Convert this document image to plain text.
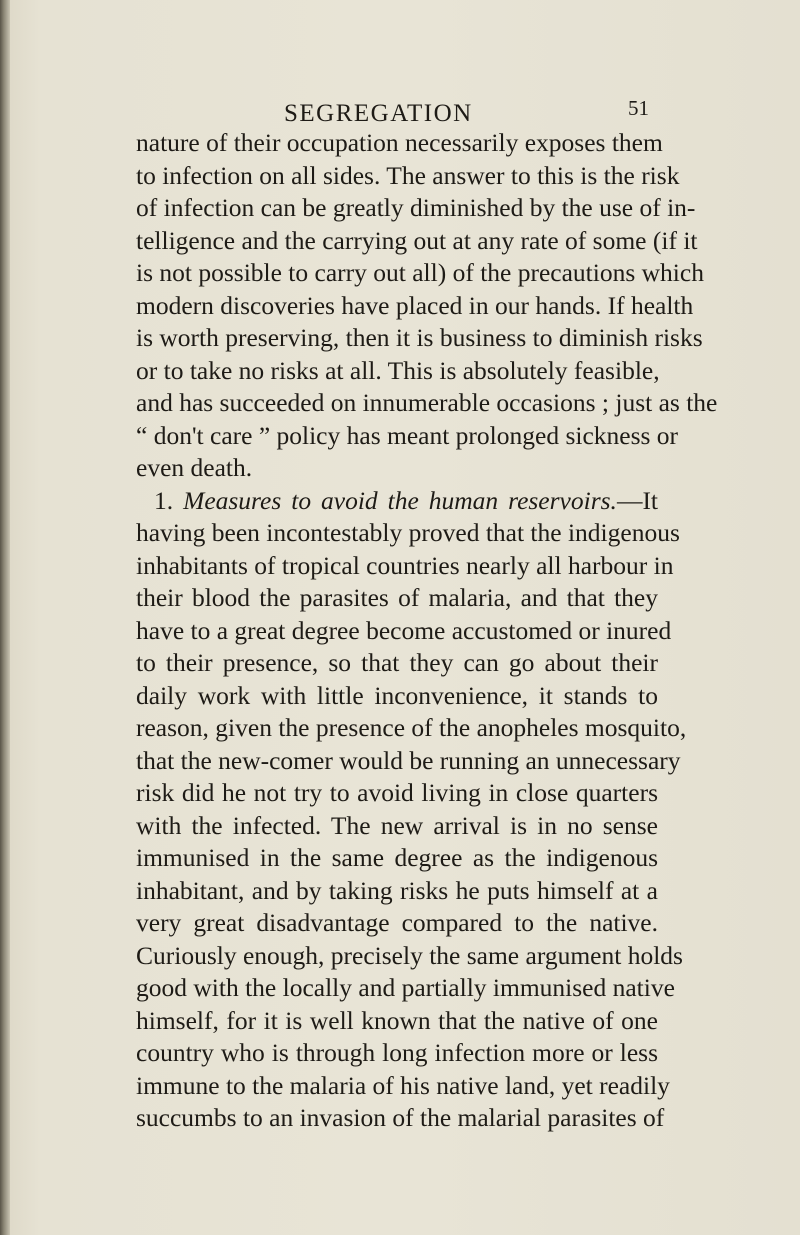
SEGREGATION	51
nature of their occupation necessarily exposes them
to infection on all sides. The answer to this is the risk
of infection can be greatly diminished by the use of in-
telligence and the carrying out at any rate of some (if it
is not possible to carry out all) of the precautions which
modern discoveries have placed in our hands. If health
is worth preserving, then it is business to diminish risks
or to take no risks at all. This is absolutely feasible,
and has succeeded on innumerable occasions ; just as the
“ don't care ” policy has meant prolonged sickness or
even death.
1. Measures to avoid the human reservoirs.—It
having been incontestably proved that the indigenous
inhabitants of tropical countries nearly all harbour in
their blood the parasites of malaria, and that they
have to a great degree become accustomed or inured
to their presence, so that they can go about their
daily work with little inconvenience, it stands to
reason, given the presence of the anopheles mosquito,
that the new-comer would be running an unnecessary
risk did he not try to avoid living in close quarters
with the infected. The new arrival is in no sense
immunised in the same degree as the indigenous
inhabitant, and by taking risks he puts himself at a
very great disadvantage compared to the native.
Curiously enough, precisely the same argument holds
good with the locally and partially immunised native
himself, for it is well known that the native of one
country who is through long infection more or less
immune to the malaria of his native land, yet readily
succumbs to an invasion of the malarial parasites of
